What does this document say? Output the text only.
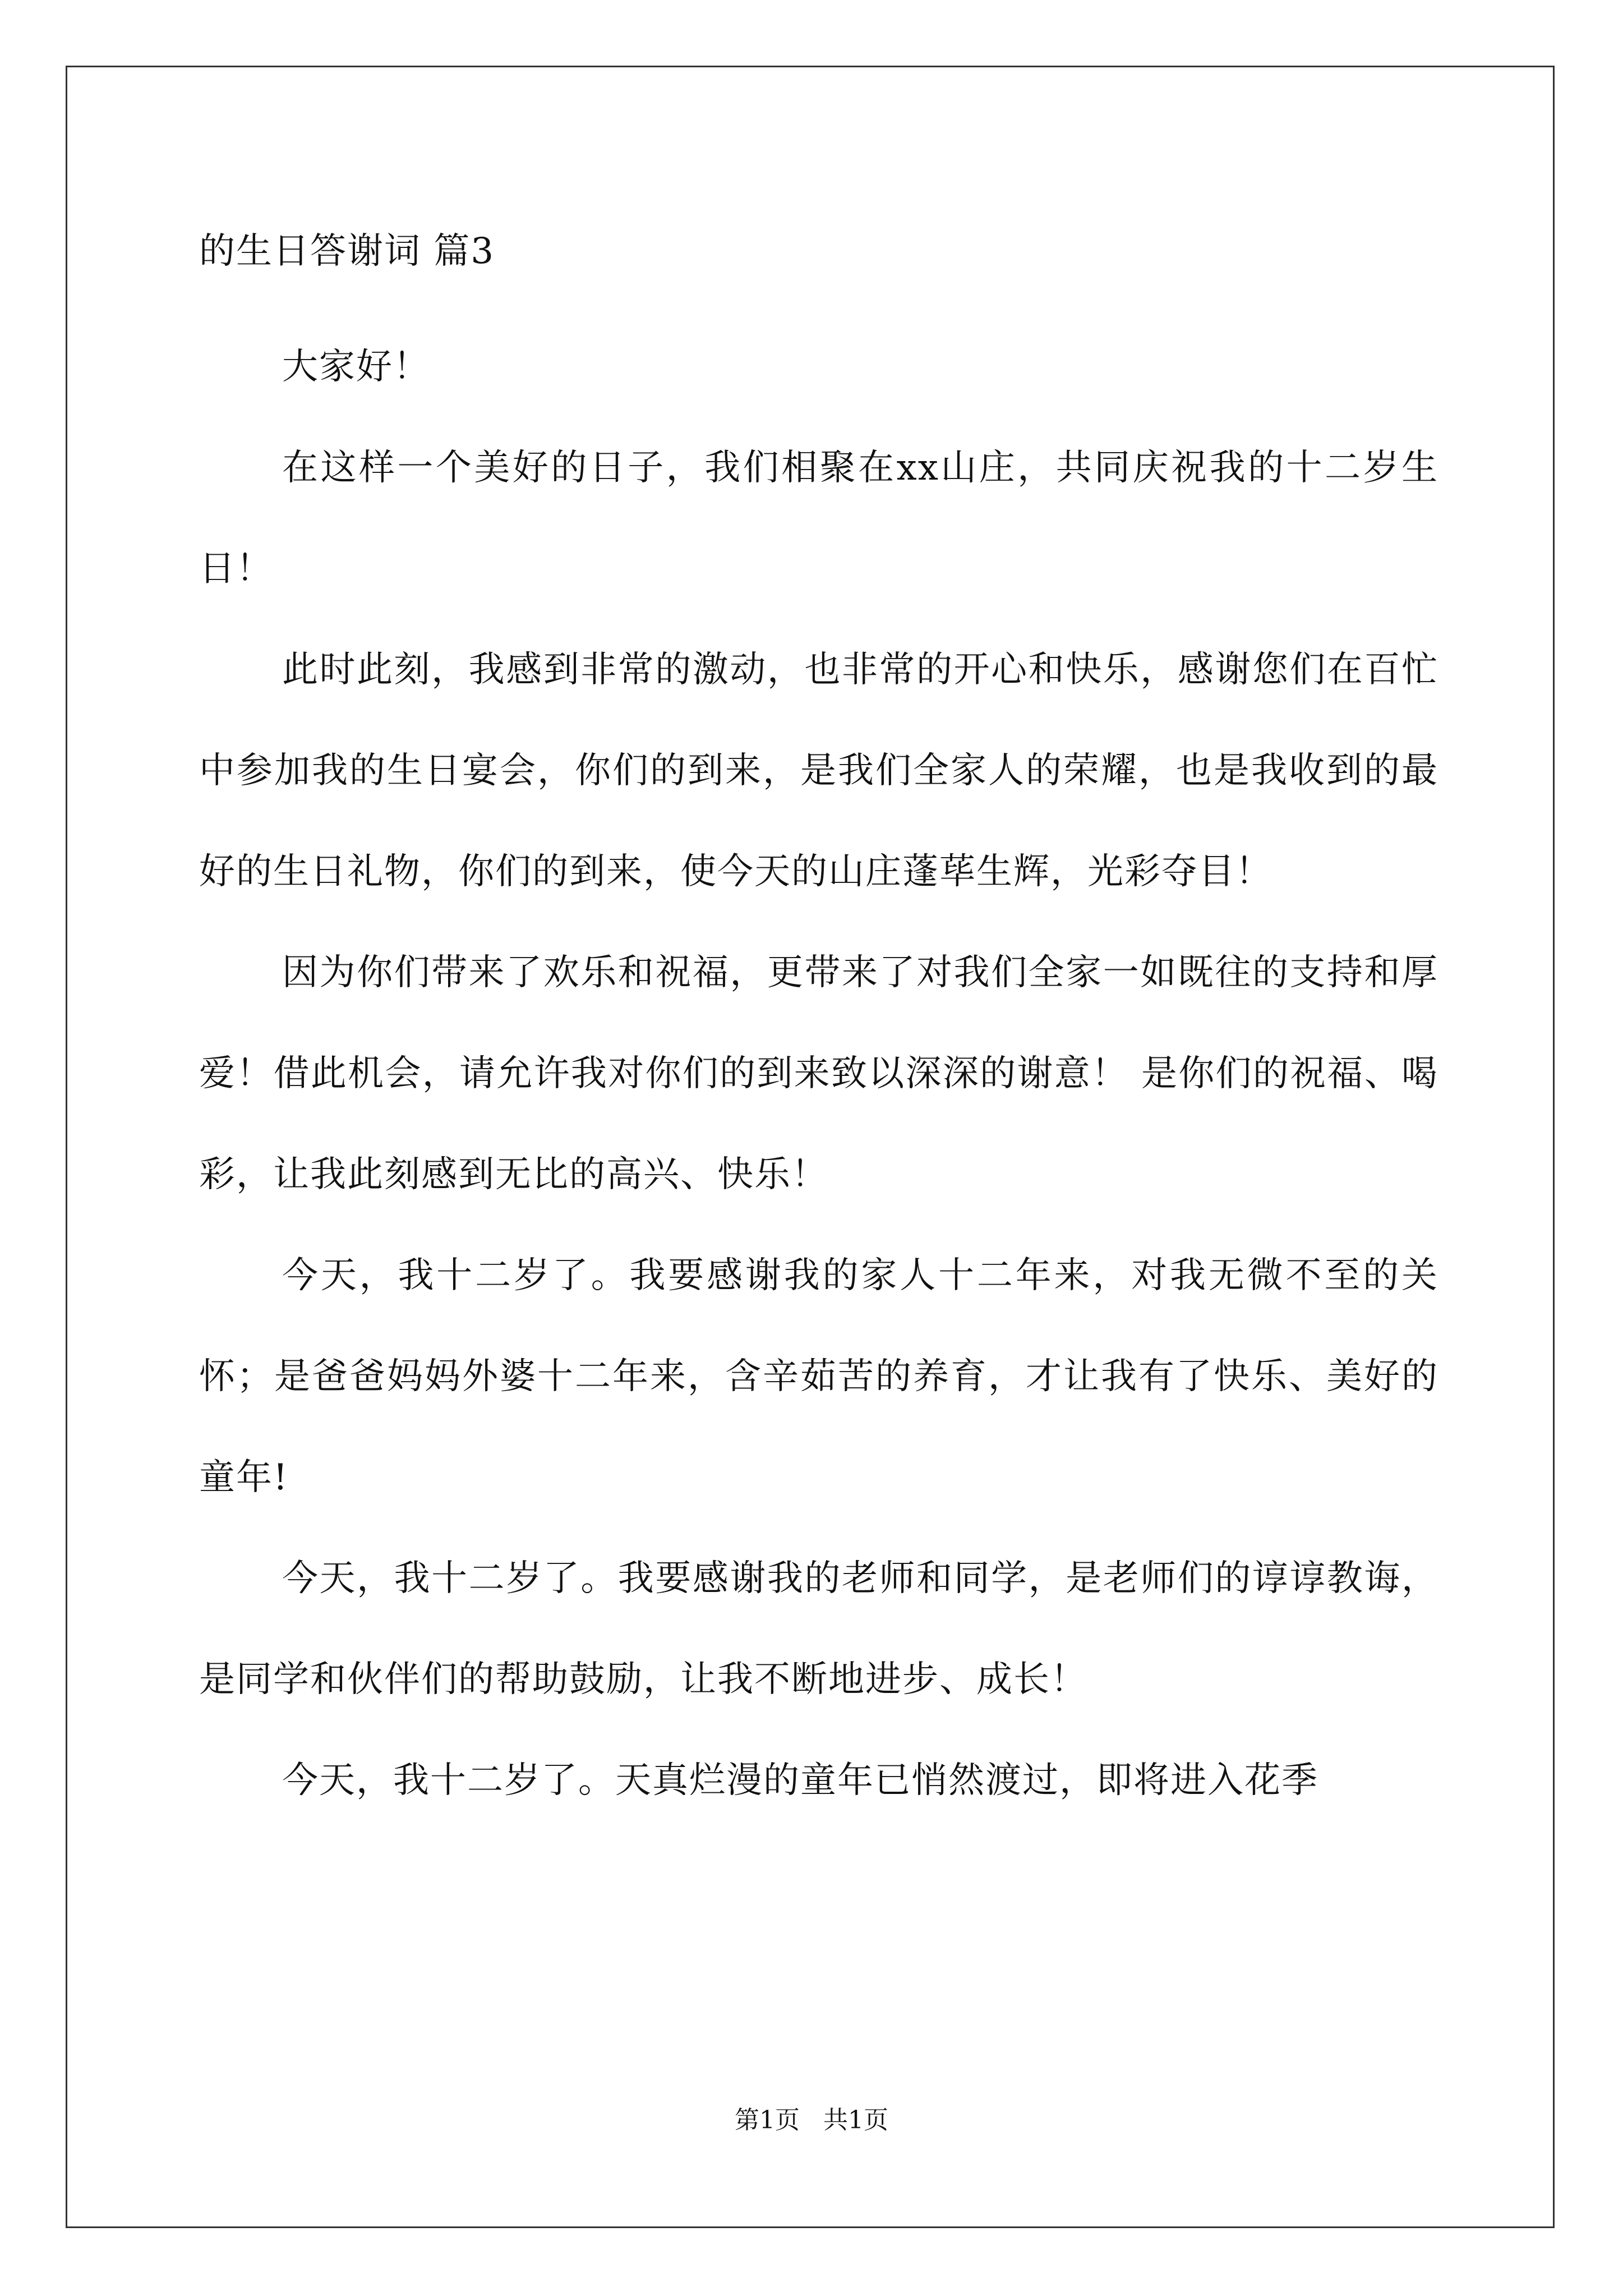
的生日答谢词 篇3

大家好！

在这样一个美好的日子，我们相聚在xx山庄，共同庆祝我的十二岁生日！

此时此刻，我感到非常的激动，也非常的开心和快乐，感谢您们在百忙中参加我的生日宴会，你们的到来，是我们全家人的荣耀，也是我收到的最好的生日礼物，你们的到来，使今天的山庄蓬荜生辉，光彩夺目！

因为你们带来了欢乐和祝福，更带来了对我们全家一如既往的支持和厚爱！借此机会，请允许我对你们的到来致以深深的谢意！ 是你们的祝福、喝彩，让我此刻感到无比的高兴、快乐！

今天，我十二岁了。我要感谢我的家人十二年来，对我无微不至的关怀；是爸爸妈妈外婆十二年来，含辛茹苦的养育，才让我有了快乐、美好的童年!

今天，我十二岁了。我要感谢我的老师和同学，是老师们的谆谆教诲，是同学和伙伴们的帮助鼓励，让我不断地进步、成长！

今天，我十二岁了。天真烂漫的童年已悄然渡过，即将进入花季

第1页   共1页
